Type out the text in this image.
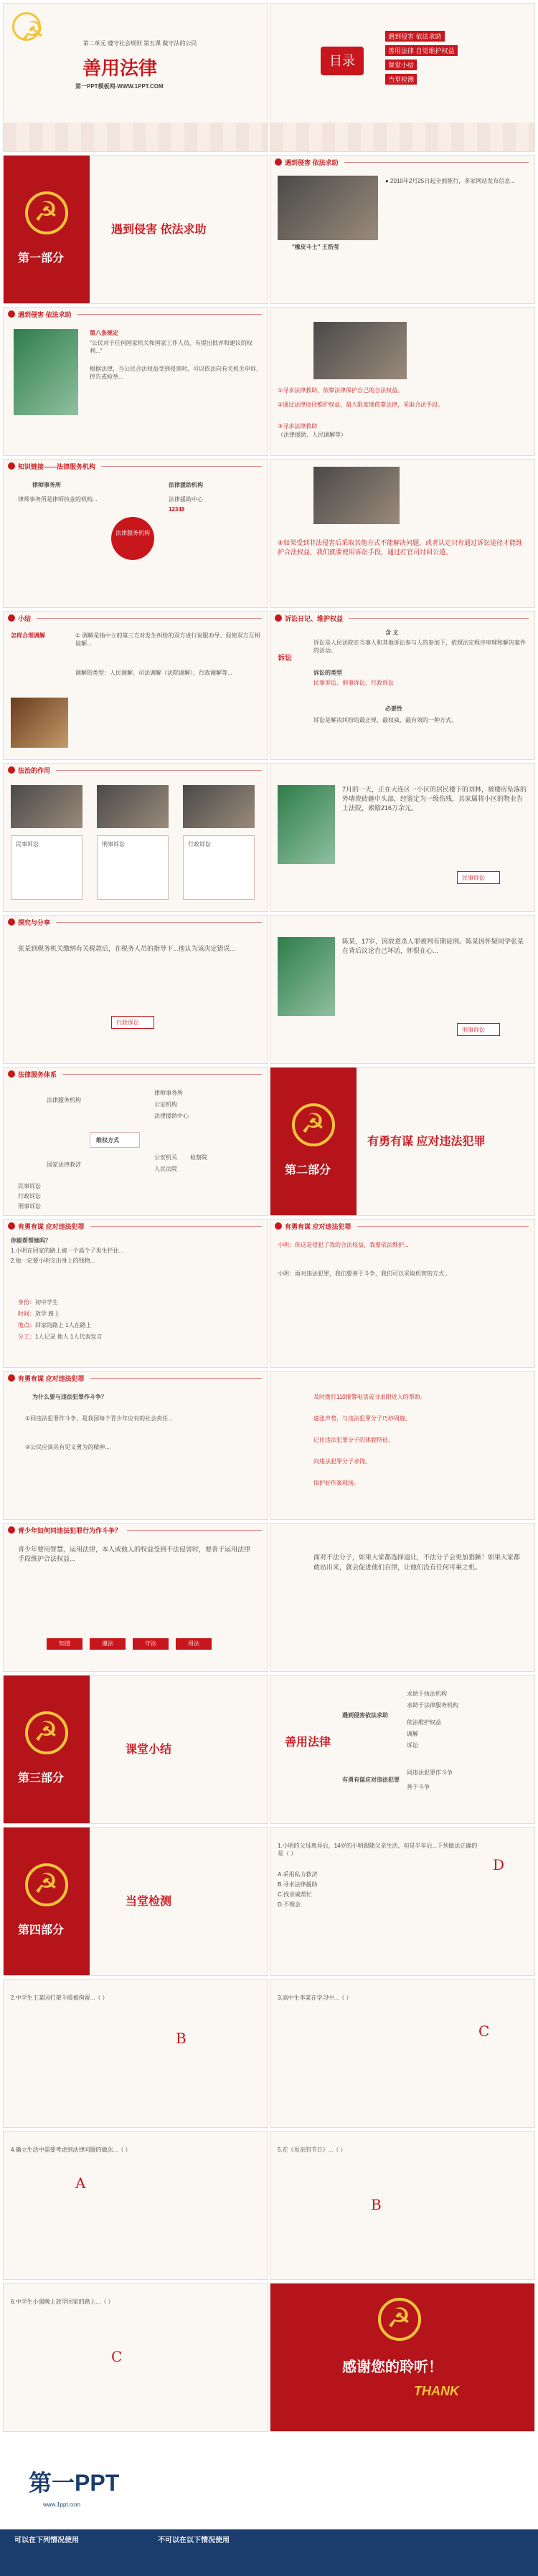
☭
第二单元 遵守社会规则 第五课 做守法的公民
善用法律
第一PPT模板网-WWW.1PPT.COM
目录
遇到侵害 依法求助
善用法律 自觉维护权益
课堂小结
当堂检测
☭
第一部分
遇到侵害 依法求助
遇到侵害 依法求助
"橡皮斗士" 王浩莹
● 2010年2月25日起全面推行，多家网站发布信息...
遇到侵害 依法求助
第八条规定
"公民对于任何国家机关和国家工作人员，有提出批评和建议的权利..."
根据法律，当公民合法权益受到侵害时，可以依法向有关机关申诉、控告或检举...
①寻求法律救助，依靠法律保护自己的合法权益。
②通过法律途径维护权益，最大限度地依靠法律，采取合法手段。
③寻求法律救助
（法律援助、人民调解等）
知识链接——法律服务机构
法律服务机构
律师事务所	法律援助机构
律师事务所是律师执业的机构...	法律援助中心
12348
④如果受到非法侵害后采取其他方式不能解决问题，或者认定只有通过诉讼途径才能维护合法权益，我们就要使用诉讼手段，通过打官司讨回公道。
小结
怎样合理调解	① 调解是指中立的第三方对发生纠纷的双方进行说服劝导、促使双方互相谅解...
调解的类型：人民调解、司法调解（法院调解）、行政调解等...
诉讼日记、维护权益
诉讼
含 义
诉讼是人民法院在当事人和其他诉讼参与人的参加下，依照法定程序审理和解决案件的活动。
诉讼的类型
民事诉讼、刑事诉讼、行政诉讼
必要性
诉讼是解决纠纷的最正规、最权威、最有效的一种方式。
法治的作用
民事诉讼	刑事诉讼	行政诉讼
7月的一天，正在大连区一小区的居民楼下的刘林，被楼房坠落的外墙瓷砖砸中头部，经鉴定为一级伤残，其家属将小区的物业告上法院，索赔216万余元。
民事诉讼
探究与分享
张某到税务机关缴纳有关税款后，在税务人员的指导下...他认为该决定错误...
行政诉讼
陈某，17岁，因故意杀人罪被判有期徒刑。陈某因怀疑同学张某在背后议论自己坏话，怀恨在心...
刑事诉讼
法律服务体系
维权方式
法律服务机构
律师事务所
公证机构
法律援助中心
国家法律救济
公安机关 检察院
人民法院
民事诉讼
行政诉讼
刑事诉讼
☭
第二部分
有勇有谋 应对违法犯罪
有勇有谋 应对违法犯罪
你能帮帮她吗？
1.小明在回家的路上被一个高个子男生拦住...
2.他一定要小明交出身上的钱物...
身份：初中学生
时间：放学 路上
地点：回家的路上 1人在路上
分工：1人记录 他人 1人代表发言
有勇有谋 应对违法犯罪
小明：你这是侵犯了我的合法权益，我要依法维护...
小明：面对违法犯罪，我们要善于斗争，我们可以采取机智的方式...
有勇有谋 应对违法犯罪
为什么要与违法犯罪作斗争？
①同违法犯罪作斗争，是我国每个青少年应有的社会责任...
②公民应该具有见义勇为的精神...
及时拨打110报警电话或寻求附近人的帮助。
虚张声势，与违法犯罪分子巧妙周旋。
记住违法犯罪分子的体貌特征。
向违法犯罪分子求饶。
保护好作案现场。
青少年如何同违法犯罪行为作斗争？
青少年要用智慧，运用法律，本人或他人的权益受到不法侵害时，要善于运用法律手段维护合法权益...
知道	遵法	守法	用法
面对不法分子，如果大家都选择退让，不法分子会更加猖獗！如果大家都敢站出来，就会促进他们自律，让他们没有任何可乘之机。
☭
第三部分
课堂小结
善用法律
遇到侵害依法求助
有勇有谋应对违法犯罪
求助于执法机构
求助于法律服务机构
依法维护权益
调解
诉讼
同违法犯罪作斗争
善于斗争
☭
第四部分
当堂检测
1.小明的父母离异后，14岁的小明跟随父亲生活，但是半年后...下列做法正确的是（ ）
A.采用私力救济
B.寻求法律援助
C.找亲戚帮忙
D.不理会
D
2.中学生王某因打架斗殴被拘留...（ ）
B
3.高中生李某在学习中...（ ）
C
4.确立生活中需要考虑到法律问题的做法...（ ）
A
5.在《母亲的节日》...（ ）
B
6.中学生小强晚上放学回家的路上...（ ）
C
☭
感谢您的聆听！
THANK
第一PPT
www.1ppt.com
可以在下列情况使用	不可以在以下情况使用
